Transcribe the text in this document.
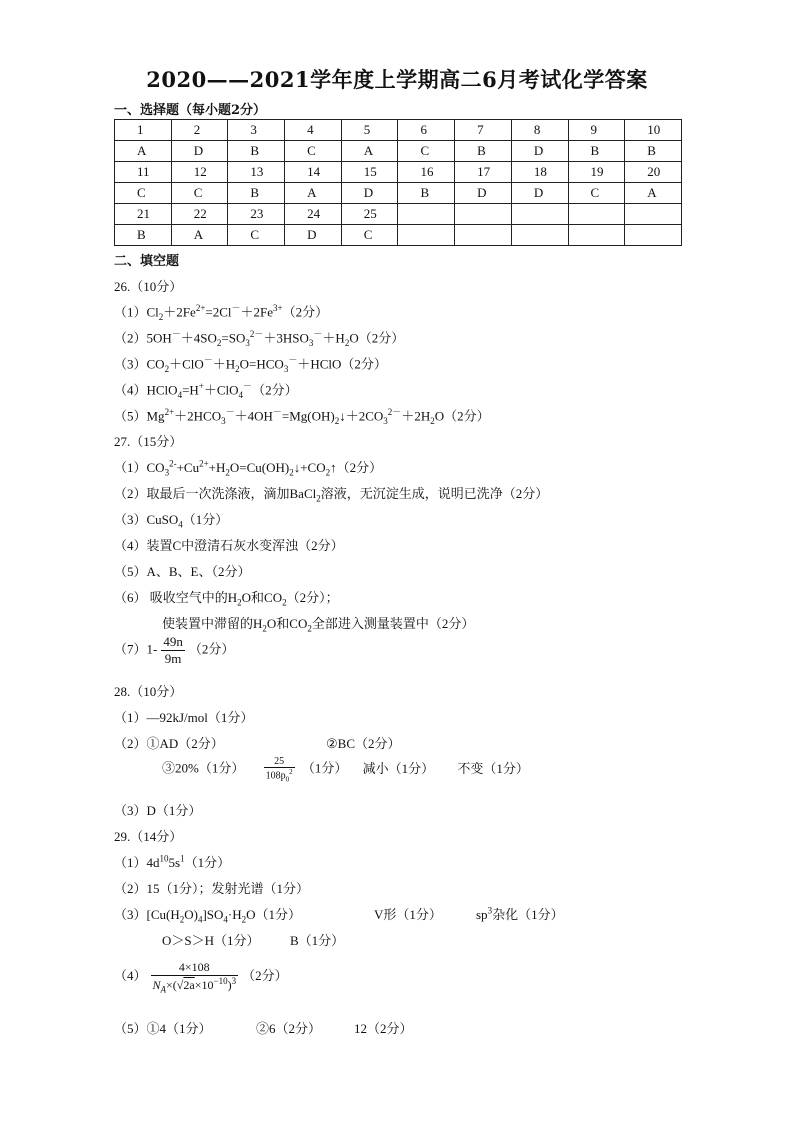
2020——2021学年度上学期高二6月考试化学答案
一、选择题（每小题2分）
1	2	3	4	5	6	7	8	9	10
A	D	B	C	A	C	B	D	B	B
11	12	13	14	15	16	17	18	19	20
C	C	B	A	D	B	D	D	C	A
21	22	23	24	25					
B	A	C	D	C					
二、填空题
26.（10分）
$(1)Cl_2+2Fe^{2+}=2Cl^-+2Fe^{3+}(2$分）
$(2)5OH^-+4SO_2=SO_3^{2-}+3HSO_3^-+H_2O(2$分）
$(3)CO_2+ClO^-+H_2O=HCO_3^-+HClO(2$分）
（4）HClO$_4$=H+＋ClO$_4$－（2分）
$(5)Mg^{2+}+2HCO_3^-+4OH^-=Mg(OH)_2↓+2CO_3^{2-}+2H_2O(2$分）
27.（15分）
$(1)CO_3^{2-}+Cu^{2+}+H_2O=Cu(OH)_2↓+CO_2↑(2$分）
（2）取最后一次洗涤液，滴加BaCl$_2$溶液，无沉淀生成，说明已洗净（2分）
（3）CuSO$_4$（1分）
（4）装置C中澄清石灰水变浑浊（2分）
（5）A、B、E、（2分）
（6） 吸收空气中的$H_2O$和$CO_2(2$分）；
使装置中滞留的$H_2O$和$CO_2$全部进入测量装置中（2分）
$(7)1- \frac{49n}{9m} (2$分）
28.（10分）
（1）—92kJ/mol（1分）
（2）①AD（2分）	②BC（2分）
③20%（1分） $\frac{25}{108p_0^2} (1$分） 减小（1分） 不变（1分）
（3）D（1分）
29.（14分）
$(1)4d^{10}5s^1(1$分）
（2）15（1分）；发射光谱（1分）
$(3)[Cu(H_2O)_4]SO_4\cdot H_2O(1$分）	V形（1分）	$sp^3$杂化（1分）
O＞S＞H（1分） B（1分）
$(4) \frac{4\times 108}{N_A\times(√2a\times 10^{-10})^3} (2$分）
（5）①4（1分）	②6（2分）	12（2分）
